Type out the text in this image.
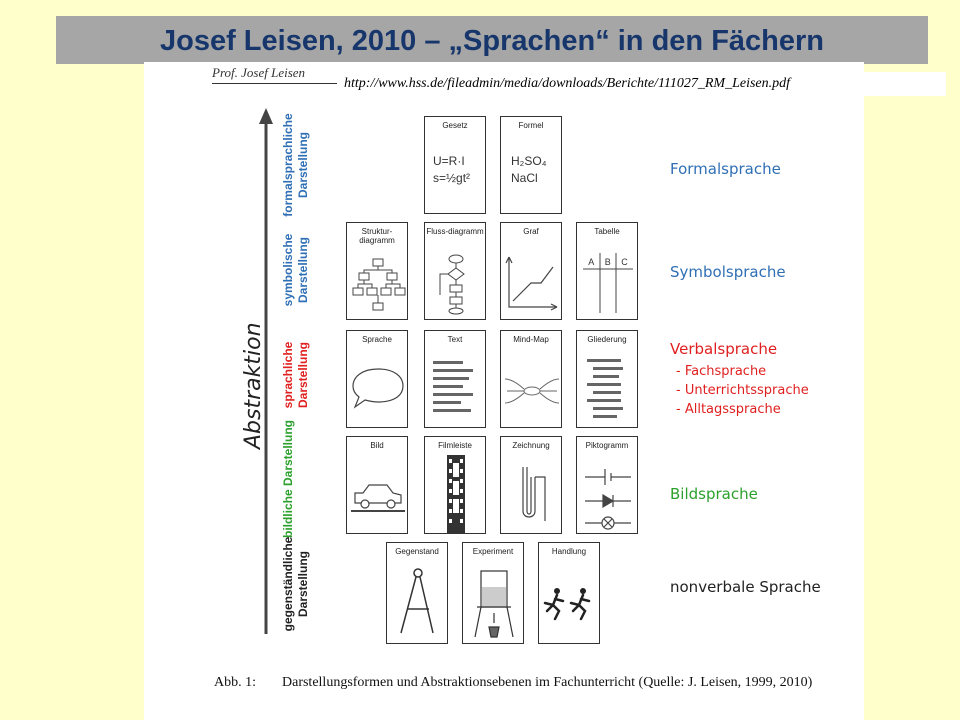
Josef Leisen, 2010 – „Sprachen“ in den Fächern
Prof. Josef Leisen
http://www.hss.de/fileadmin/media/downloads/Berichte/111027_RM_Leisen.pdf
Abstraktion
formalsprachliche Darstellung
symbolische Darstellung
sprachliche Darstellung
bildliche Darstellung
gegenständliche Darstellung
Gesetz
U=R·I
s=½gt²
Formel
H₂SO₄
NaCl
Struktur-diagramm
Fluss-diagramm	Graf	Tabelle
A B C
Sprache	Text	Mind-Map	Gliederung
Bild	Filmleiste	Zeichnung	Piktogramm
Gegenstand	Experiment	Handlung
Formalsprache
Symbolsprache
Verbalsprache
- Fachsprache
- Unterrichtssprache
- Alltagssprache
Bildsprache
nonverbale Sprache
Abb. 1: Darstellungsformen und Abstraktionsebenen im Fachunterricht (Quelle: J. Leisen, 1999, 2010)
